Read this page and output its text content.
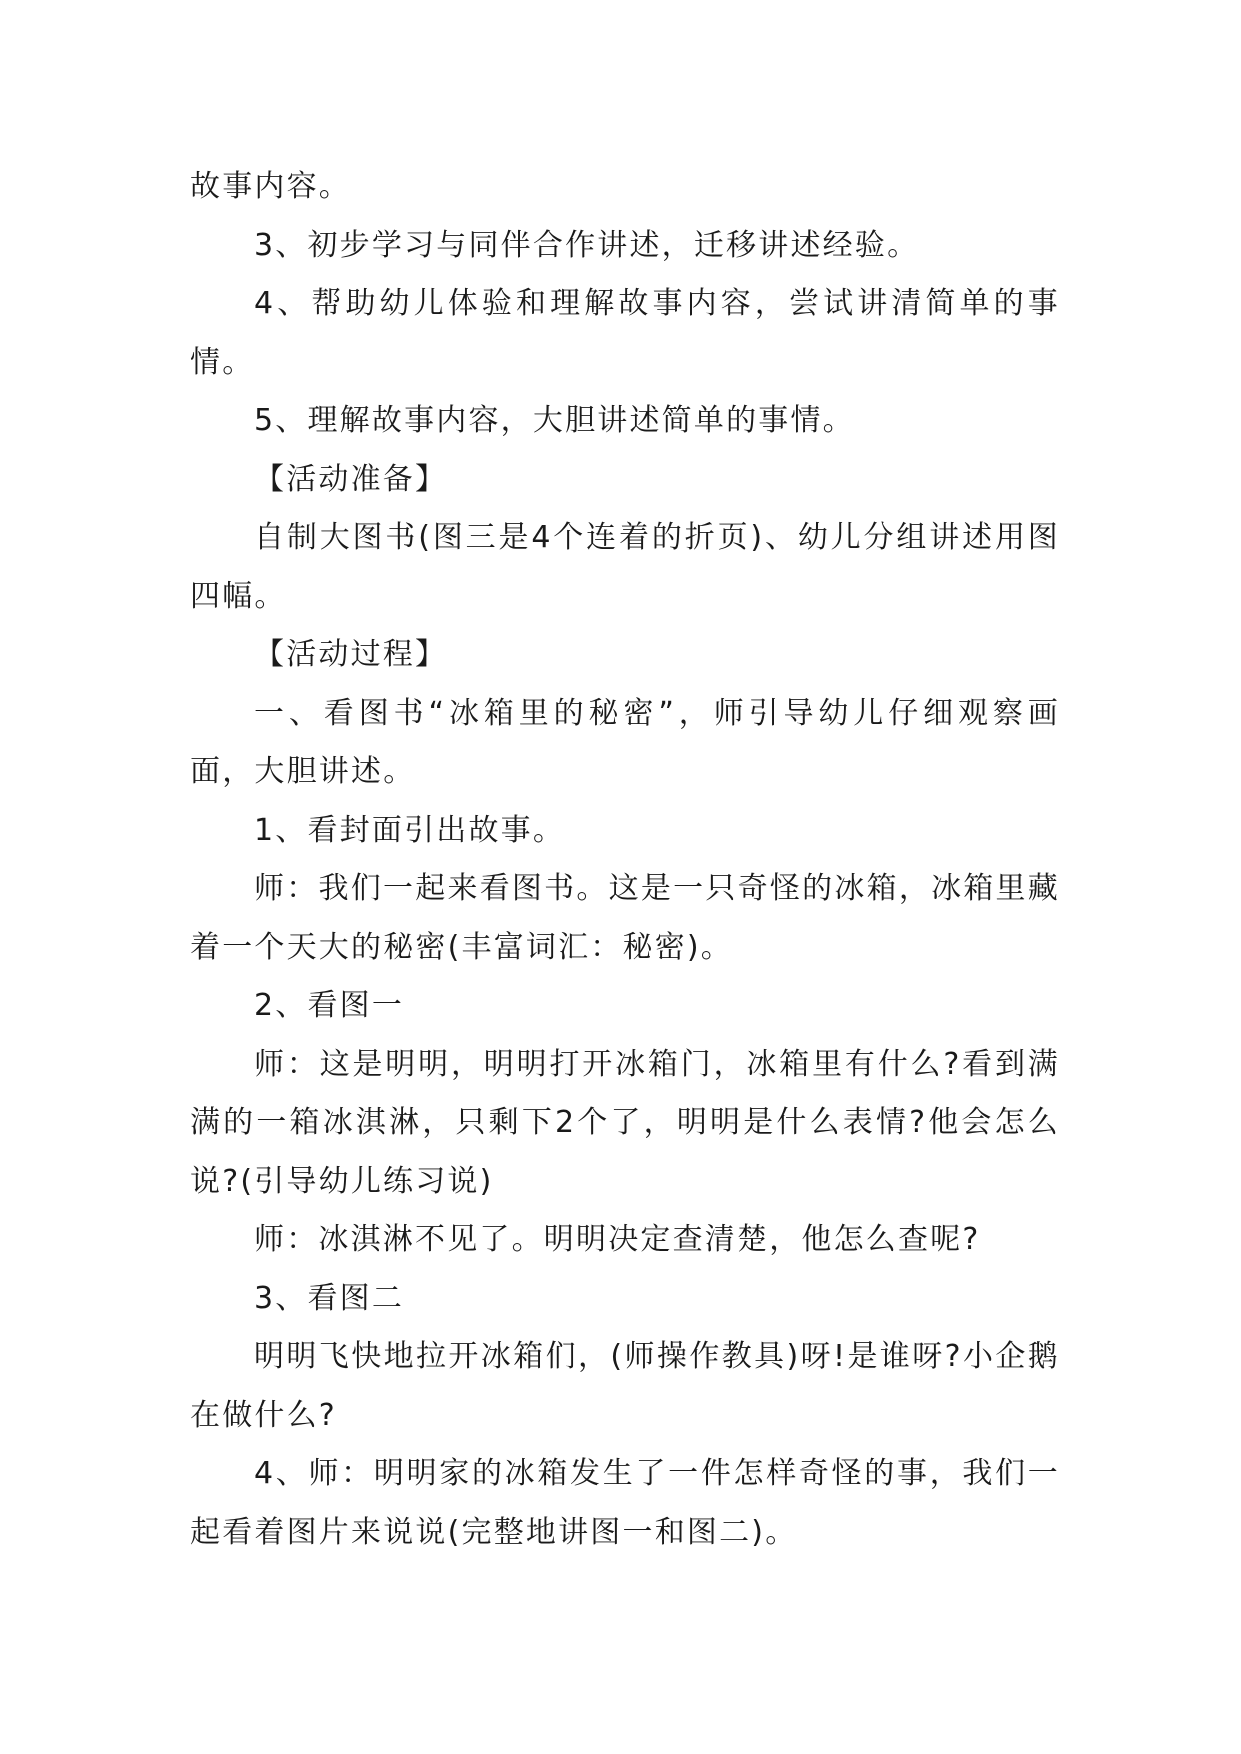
故事内容。

3、初步学习与同伴合作讲述，迁移讲述经验。

4、帮助幼儿体验和理解故事内容，尝试讲清简单的事情。

5、理解故事内容，大胆讲述简单的事情。

【活动准备】

自制大图书(图三是4个连着的折页)、幼儿分组讲述用图四幅。

【活动过程】

一、看图书“冰箱里的秘密”，师引导幼儿仔细观察画面，大胆讲述。

1、看封面引出故事。

师：我们一起来看图书。这是一只奇怪的冰箱，冰箱里藏着一个天大的秘密(丰富词汇：秘密)。

2、看图一

师：这是明明，明明打开冰箱门，冰箱里有什么?看到满满的一箱冰淇淋，只剩下2个了，明明是什么表情?他会怎么说?(引导幼儿练习说)

师：冰淇淋不见了。明明决定查清楚，他怎么查呢?

3、看图二

明明飞快地拉开冰箱们，(师操作教具)呀!是谁呀?小企鹅在做什么?

4、师：明明家的冰箱发生了一件怎样奇怪的事，我们一起看着图片来说说(完整地讲图一和图二)。
